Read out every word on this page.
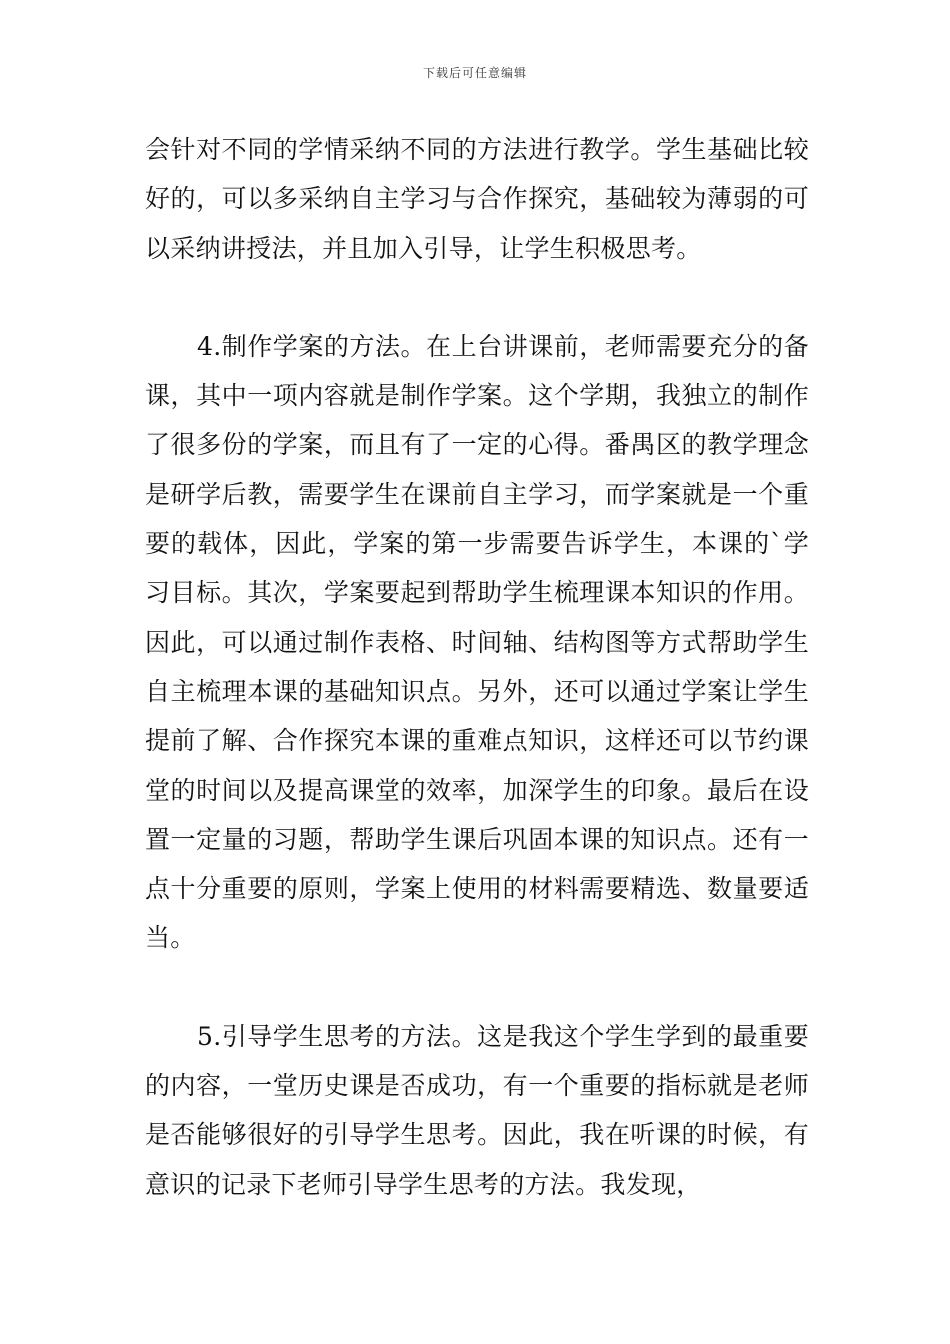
下载后可任意编辑

会针对不同的学情采纳不同的方法进行教学。学生基础比较好的，可以多采纳自主学习与合作探究，基础较为薄弱的可以采纳讲授法，并且加入引导，让学生积极思考。

4.制作学案的方法。在上台讲课前，老师需要充分的备课，其中一项内容就是制作学案。这个学期，我独立的制作了很多份的学案，而且有了一定的心得。番禺区的教学理念是研学后教，需要学生在课前自主学习，而学案就是一个重要的载体，因此，学案的第一步需要告诉学生，本课的`学习目标。其次，学案要起到帮助学生梳理课本知识的作用。因此，可以通过制作表格、时间轴、结构图等方式帮助学生自主梳理本课的基础知识点。另外，还可以通过学案让学生提前了解、合作探究本课的重难点知识，这样还可以节约课堂的时间以及提高课堂的效率，加深学生的印象。最后在设置一定量的习题，帮助学生课后巩固本课的知识点。还有一点十分重要的原则，学案上使用的材料需要精选、数量要适当。

5.引导学生思考的方法。这是我这个学生学到的最重要的内容，一堂历史课是否成功，有一个重要的指标就是老师是否能够很好的引导学生思考。因此，我在听课的时候，有意识的记录下老师引导学生思考的方法。我发现，
